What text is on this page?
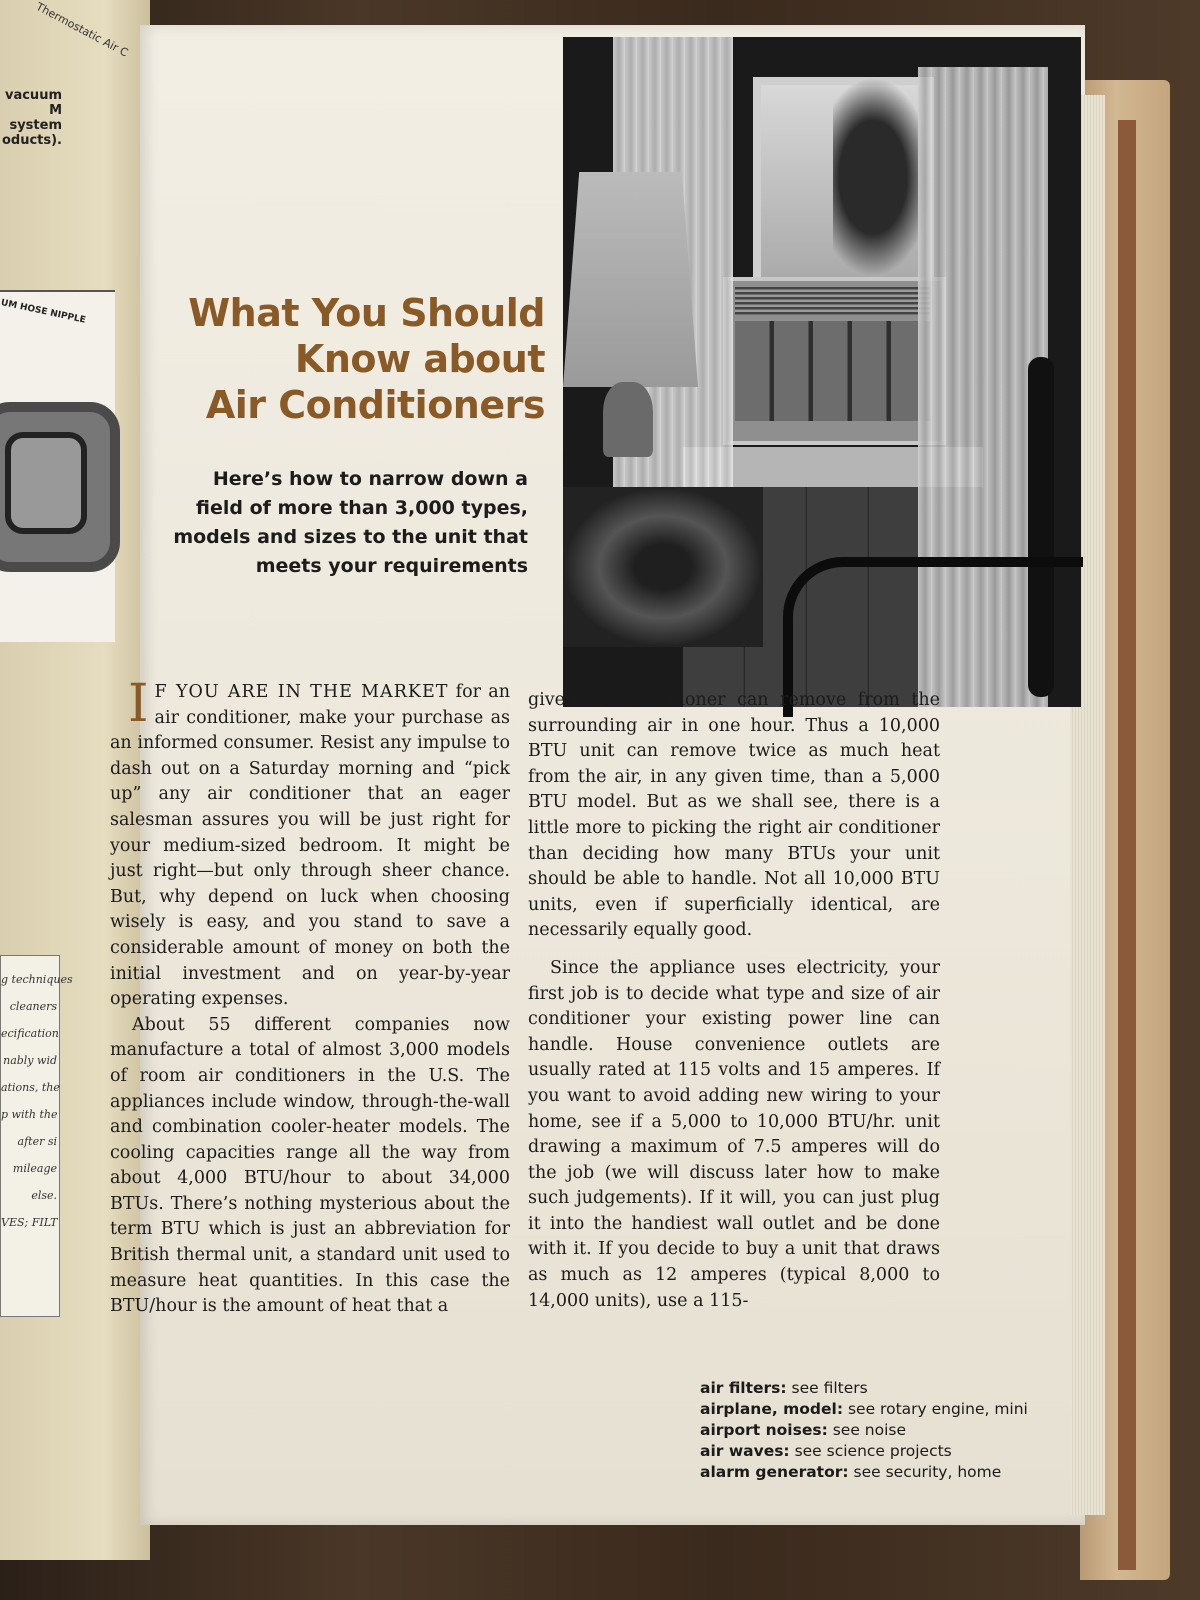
Thermostatic Air C
vacuum
M system
oducts).
UM HOSE NIPPLE
g techniques
cleaners
ecification
nably wid
ations, the
p with the
after si
mileage
else.
VES; FILT
What You Should
Know about
Air Conditioners
Here’s how to narrow down a field of more than 3,000 types, models and sizes to the unit that meets your requirements

I F YOU ARE IN THE MARKET for an air conditioner, make your purchase as an informed consumer. Resist any impulse to dash out on a Saturday morning and “pick up” any air conditioner that an eager salesman assures you will be just right for your medium-sized bedroom. It might be just right—but only through sheer chance. But, why depend on luck when choosing wisely is easy, and you stand to save a considerable amount of money on both the initial investment and on year-by-year operating expenses.

About 55 different companies now manufacture a total of almost 3,000 models of room air conditioners in the U.S. The appliances include window, through-the-wall and combination cooler-heater models. The cooling capacities range all the way from about 4,000 BTU/hour to about 34,000 BTUs. There’s nothing mysterious about the term BTU which is just an abbreviation for British thermal unit, a standard unit used to measure heat quantities. In this case the BTU/hour is the amount of heat that a

given air conditioner can remove from the surrounding air in one hour. Thus a 10,000 BTU unit can remove twice as much heat from the air, in any given time, than a 5,000 BTU model. But as we shall see, there is a little more to picking the right air conditioner than deciding how many BTUs your unit should be able to handle. Not all 10,000 BTU units, even if superficially identical, are necessarily equally good.

Since the appliance uses electricity, your first job is to decide what type and size of air conditioner your existing power line can handle. House convenience outlets are usually rated at 115 volts and 15 amperes. If you want to avoid adding new wiring to your home, see if a 5,000 to 10,000 BTU/hr. unit drawing a maximum of 7.5 amperes will do the job (we will discuss later how to make such judgements). If it will, you can just plug it into the handiest wall outlet and be done with it. If you decide to buy a unit that draws as much as 12 amperes (typical 8,000 to 14,000 units), use a 115-

air filters: see filters
airplane, model: see rotary engine, mini
airport noises: see noise
air waves: see science projects
alarm generator: see security, home
